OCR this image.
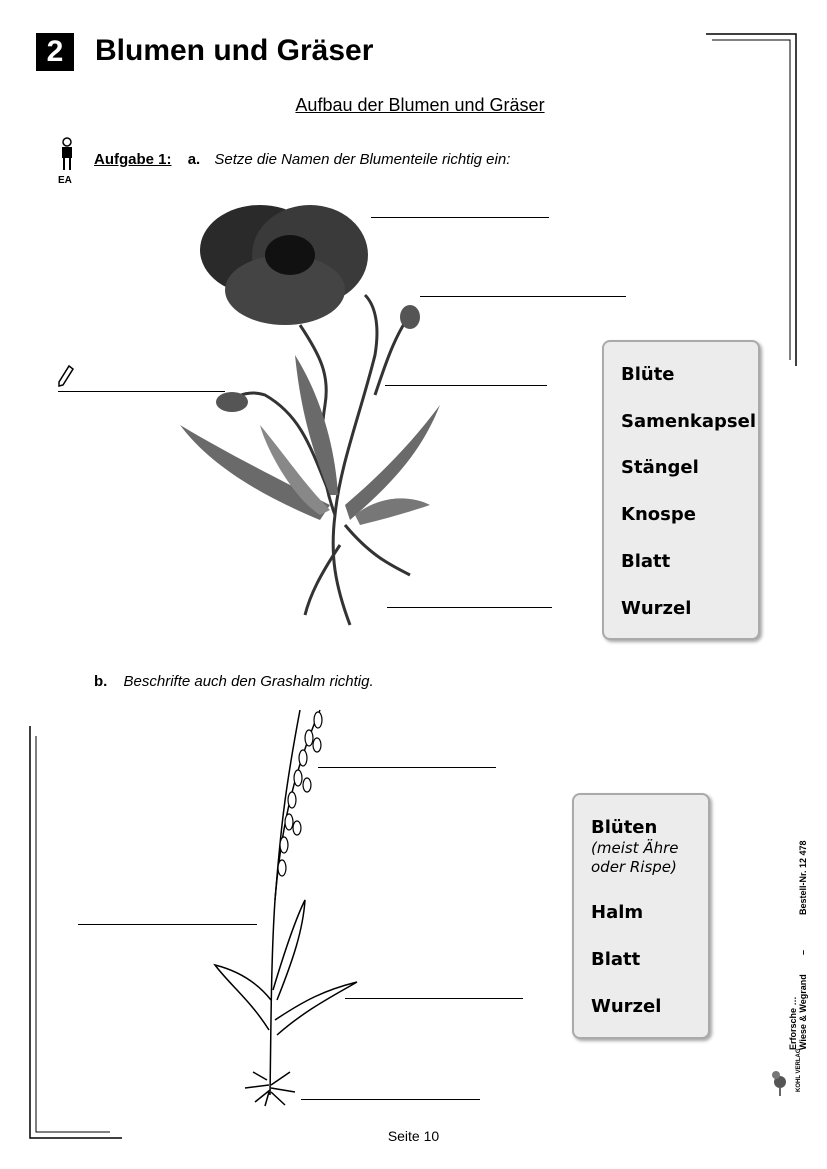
2	Blumen und Gräser
Aufbau der Blumen und Gräser
EA
Aufgabe 1: a. Setze die Namen der Blumenteile richtig ein:
Blüte
Samenkapsel
Stängel
Knospe
Blatt
Wurzel
b. Beschrifte auch den Grashalm richtig.
Blüten
(meist Ähre
oder Rispe)
Halm
Blatt
Wurzel	Erforsche … Wiese & Wegrand
–
Bestell-Nr. 12 478
KOHL VERLAG
Seite 10
